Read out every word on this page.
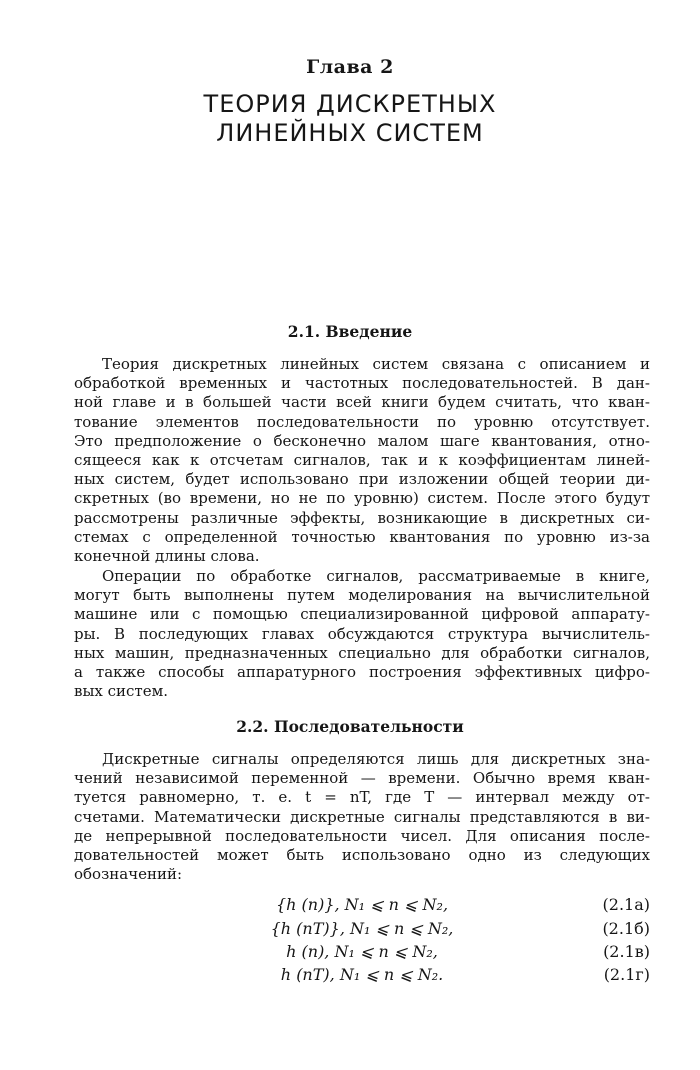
Глава 2
ТЕОРИЯ ДИСКРЕТНЫХ
ЛИНЕЙНЫХ СИСТЕМ
2.1. Введение
Теория дискретных линейных систем связана с описанием и
обработкой временных и частотных последовательностей. В дан-
ной главе и в большей части всей книги будем считать, что кван-
тование элементов последовательности по уровню отсутствует.
Это предположение о бесконечно малом шаге квантования, отно-
сящееся как к отсчетам сигналов, так и к коэффициентам линей-
ных систем, будет использовано при изложении общей теории ди-
скретных (во времени, но не по уровню) систем. После этого будут
рассмотрены различные эффекты, возникающие в дискретных си-
стемах с определенной точностью квантования по уровню из-за
конечной длины слова.
Операции по обработке сигналов, рассматриваемые в книге,
могут быть выполнены путем моделирования на вычислительной
машине или с помощью специализированной цифровой аппарату-
ры. В последующих главах обсуждаются структура вычислитель-
ных машин, предназначенных специально для обработки сигналов,
а также способы аппаратурного построения эффективных цифро-
вых систем.
2.2. Последовательности
Дискретные сигналы определяются лишь для дискретных зна-
чений независимой переменной — времени. Обычно время кван-
туется равномерно, т. е. t = nT, где T — интервал между от-
счетами. Математически дискретные сигналы представляются в ви-
де непрерывной последовательности чисел. Для описания после-
довательностей может быть использовано одно из следующих
обозначений:
{h (n)}, N₁ ⩽ n ⩽ N₂,	(2.1а)
{h (nT)}, N₁ ⩽ n ⩽ N₂,	(2.1б)
h (n), N₁ ⩽ n ⩽ N₂,	(2.1в)
h (nT), N₁ ⩽ n ⩽ N₂.	(2.1г)
